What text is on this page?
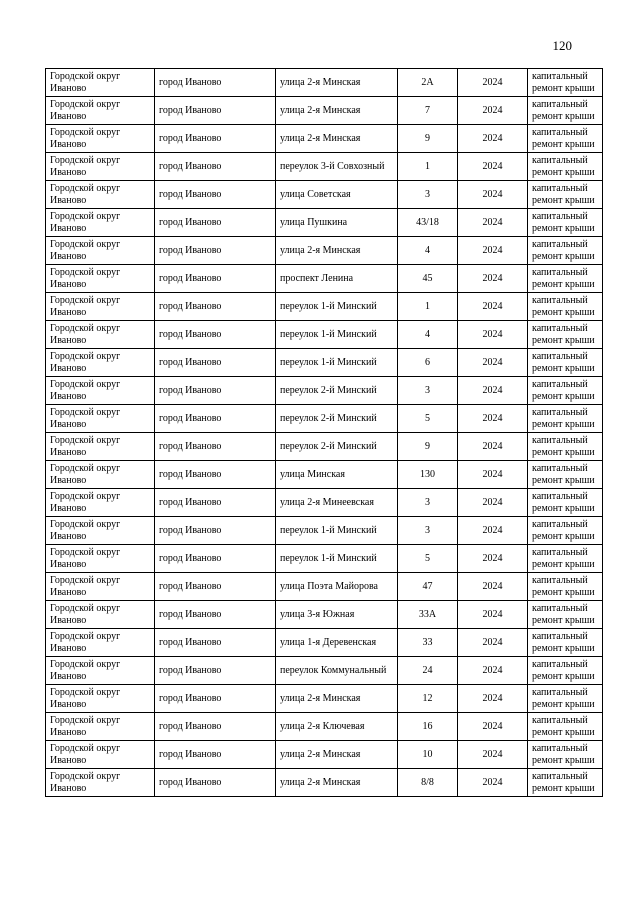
120
Городской округ Иваново	город Иваново	улица 2-я Минская	2А	2024	капитальный ремонт крыши
Городской округ Иваново	город Иваново	улица 2-я Минская	7	2024	капитальный ремонт крыши
Городской округ Иваново	город Иваново	улица 2-я Минская	9	2024	капитальный ремонт крыши
Городской округ Иваново	город Иваново	переулок 3-й Совхозный	1	2024	капитальный ремонт крыши
Городской округ Иваново	город Иваново	улица Советская	3	2024	капитальный ремонт крыши
Городской округ Иваново	город Иваново	улица Пушкина	43/18	2024	капитальный ремонт крыши
Городской округ Иваново	город Иваново	улица 2-я Минская	4	2024	капитальный ремонт крыши
Городской округ Иваново	город Иваново	проспект Ленина	45	2024	капитальный ремонт крыши
Городской округ Иваново	город Иваново	переулок 1-й Минский	1	2024	капитальный ремонт крыши
Городской округ Иваново	город Иваново	переулок 1-й Минский	4	2024	капитальный ремонт крыши
Городской округ Иваново	город Иваново	переулок 1-й Минский	6	2024	капитальный ремонт крыши
Городской округ Иваново	город Иваново	переулок 2-й Минский	3	2024	капитальный ремонт крыши
Городской округ Иваново	город Иваново	переулок 2-й Минский	5	2024	капитальный ремонт крыши
Городской округ Иваново	город Иваново	переулок 2-й Минский	9	2024	капитальный ремонт крыши
Городской округ Иваново	город Иваново	улица Минская	130	2024	капитальный ремонт крыши
Городской округ Иваново	город Иваново	улица 2-я Минеевская	3	2024	капитальный ремонт крыши
Городской округ Иваново	город Иваново	переулок 1-й Минский	3	2024	капитальный ремонт крыши
Городской округ Иваново	город Иваново	переулок 1-й Минский	5	2024	капитальный ремонт крыши
Городской округ Иваново	город Иваново	улица Поэта Майорова	47	2024	капитальный ремонт крыши
Городской округ Иваново	город Иваново	улица 3-я Южная	33А	2024	капитальный ремонт крыши
Городской округ Иваново	город Иваново	улица 1-я Деревенская	33	2024	капитальный ремонт крыши
Городской округ Иваново	город Иваново	переулок Коммунальный	24	2024	капитальный ремонт крыши
Городской округ Иваново	город Иваново	улица 2-я Минская	12	2024	капитальный ремонт крыши
Городской округ Иваново	город Иваново	улица 2-я Ключевая	16	2024	капитальный ремонт крыши
Городской округ Иваново	город Иваново	улица 2-я Минская	10	2024	капитальный ремонт крыши
Городской округ Иваново	город Иваново	улица 2-я Минская	8/8	2024	капитальный ремонт крыши
